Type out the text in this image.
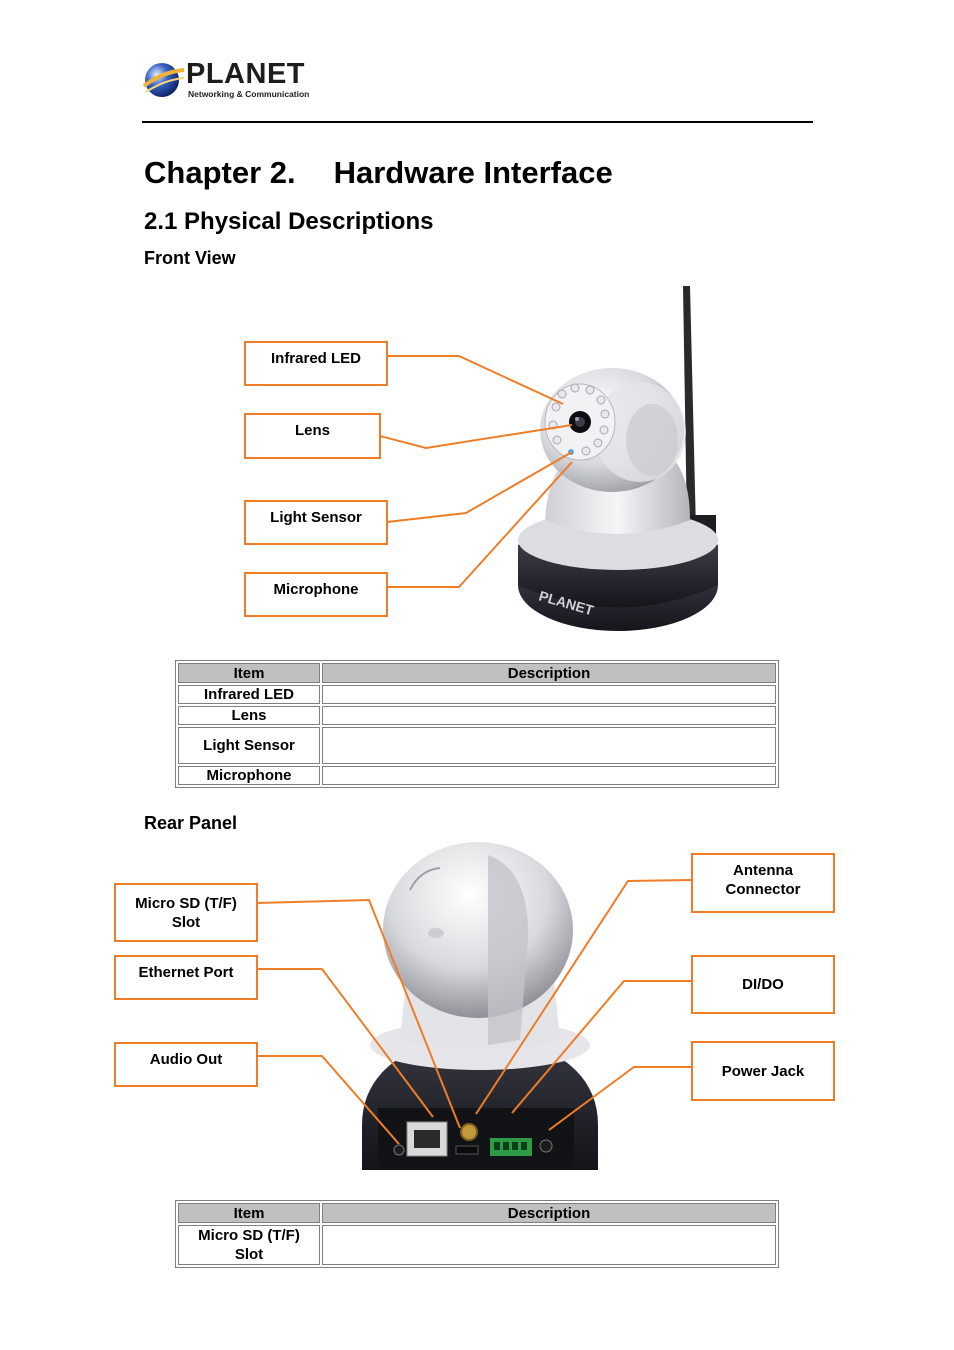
PLANET
Networking & Communication
Chapter 2. Hardware Interface
2.1 Physical Descriptions
Front View
PLANET
Infrared LED
Lens
Light Sensor
Microphone
Item	Description
Infrared LED	
Lens	
Light Sensor	
Microphone	
Rear Panel
Micro SD (T/F) Slot
Ethernet Port
Audio Out
Antenna Connector
DI/DO
Power Jack
Item	Description
Micro SD (T/F) Slot	
